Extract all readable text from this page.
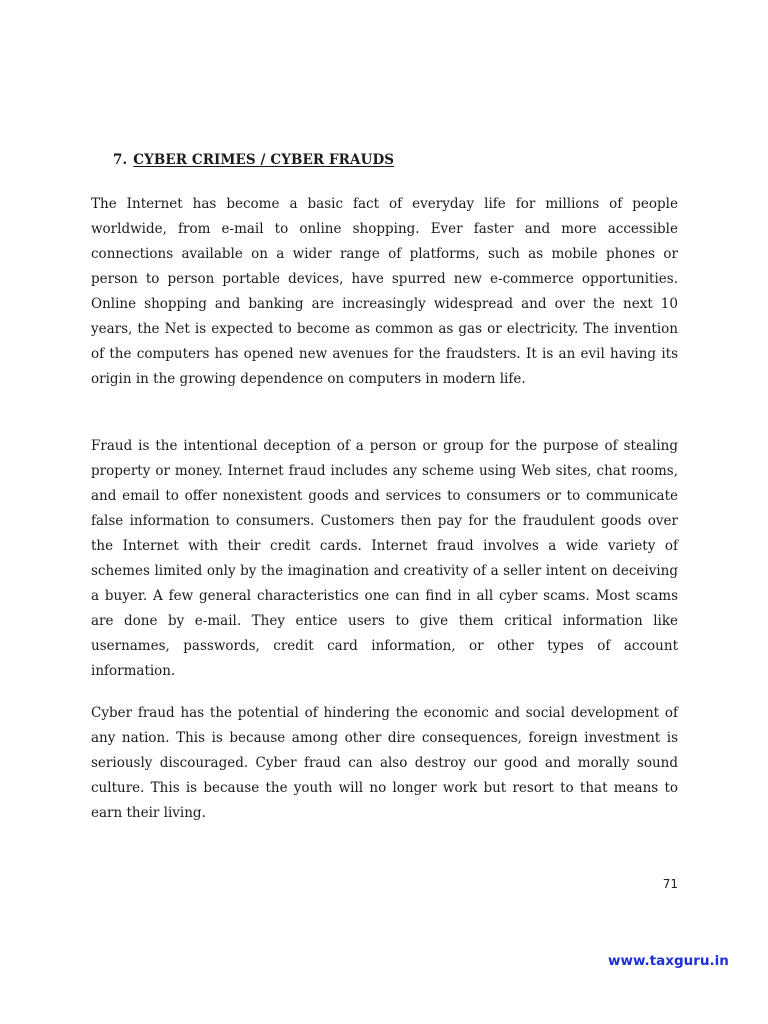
7. CYBER CRIMES / CYBER FRAUDS

The Internet has become a basic fact of everyday life for millions of people worldwide, from e-mail to online shopping. Ever faster and more accessible connections available on a wider range of platforms, such as mobile phones or person to person portable devices, have spurred new e-commerce opportunities. Online shopping and banking are increasingly widespread and over the next 10 years, the Net is expected to become as common as gas or electricity. The invention of the computers has opened new avenues for the fraudsters. It is an evil having its origin in the growing dependence on computers in modern life.

Fraud is the intentional deception of a person or group for the purpose of stealing property or money. Internet fraud includes any scheme using Web sites, chat rooms, and email to offer nonexistent goods and services to consumers or to communicate false information to consumers. Customers then pay for the fraudulent goods over the Internet with their credit cards. Internet fraud involves a wide variety of schemes limited only by the imagination and creativity of a seller intent on deceiving a buyer. A few general characteristics one can find in all cyber scams. Most scams are done by e-mail. They entice users to give them critical information like usernames, passwords, credit card information, or other types of account information.

Cyber fraud has the potential of hindering the economic and social development of any nation. This is because among other dire consequences, foreign investment is seriously discouraged. Cyber fraud can also destroy our good and morally sound culture. This is because the youth will no longer work but resort to that means to earn their living.

71
www.taxguru.in
